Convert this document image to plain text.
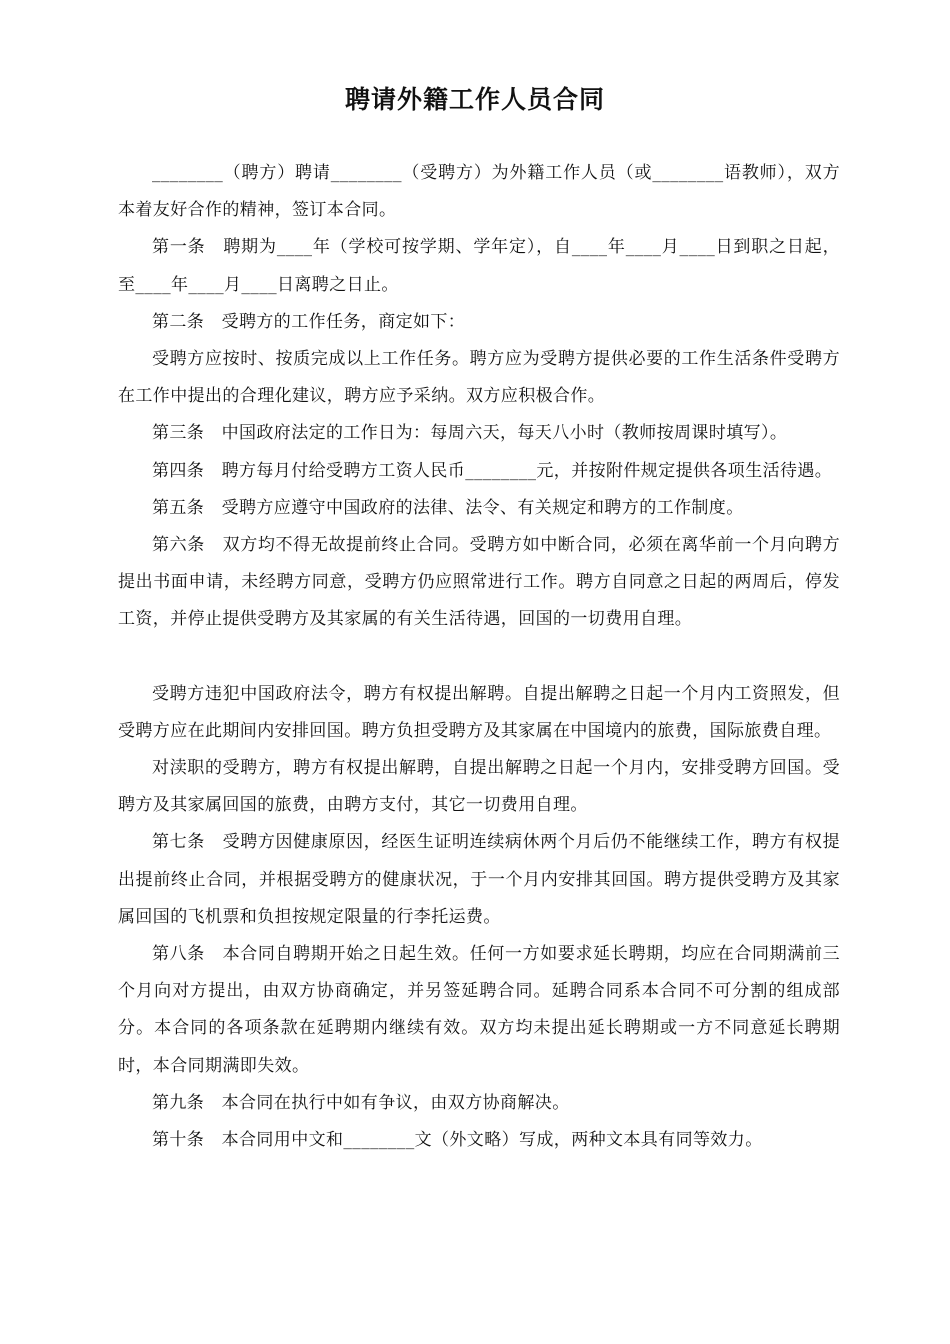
聘请外籍工作人员合同

________（聘方）聘请________（受聘方）为外籍工作人员（或________语教师），双方本着友好合作的精神，签订本合同。

第一条　聘期为____年（学校可按学期、学年定），自____年____月____日到职之日起，至____年____月____日离聘之日止。

第二条　受聘方的工作任务，商定如下：

受聘方应按时、按质完成以上工作任务。聘方应为受聘方提供必要的工作生活条件受聘方在工作中提出的合理化建议，聘方应予采纳。双方应积极合作。

第三条　中国政府法定的工作日为：每周六天，每天八小时（教师按周课时填写）。

第四条　聘方每月付给受聘方工资人民币________元，并按附件规定提供各项生活待遇。

第五条　受聘方应遵守中国政府的法律、法令、有关规定和聘方的工作制度。

第六条　双方均不得无故提前终止合同。受聘方如中断合同，必须在离华前一个月向聘方提出书面申请，未经聘方同意，受聘方仍应照常进行工作。聘方自同意之日起的两周后，停发工资，并停止提供受聘方及其家属的有关生活待遇，回国的一切费用自理。

受聘方违犯中国政府法令，聘方有权提出解聘。自提出解聘之日起一个月内工资照发，但受聘方应在此期间内安排回国。聘方负担受聘方及其家属在中国境内的旅费，国际旅费自理。

对渎职的受聘方，聘方有权提出解聘，自提出解聘之日起一个月内，安排受聘方回国。受聘方及其家属回国的旅费，由聘方支付，其它一切费用自理。

第七条　受聘方因健康原因，经医生证明连续病休两个月后仍不能继续工作，聘方有权提出提前终止合同，并根据受聘方的健康状况，于一个月内安排其回国。聘方提供受聘方及其家属回国的飞机票和负担按规定限量的行李托运费。

第八条　本合同自聘期开始之日起生效。任何一方如要求延长聘期，均应在合同期满前三个月向对方提出，由双方协商确定，并另签延聘合同。延聘合同系本合同不可分割的组成部分。本合同的各项条款在延聘期内继续有效。双方均未提出延长聘期或一方不同意延长聘期时，本合同期满即失效。

第九条　本合同在执行中如有争议，由双方协商解决。

第十条　本合同用中文和________文（外文略）写成，两种文本具有同等效力。
